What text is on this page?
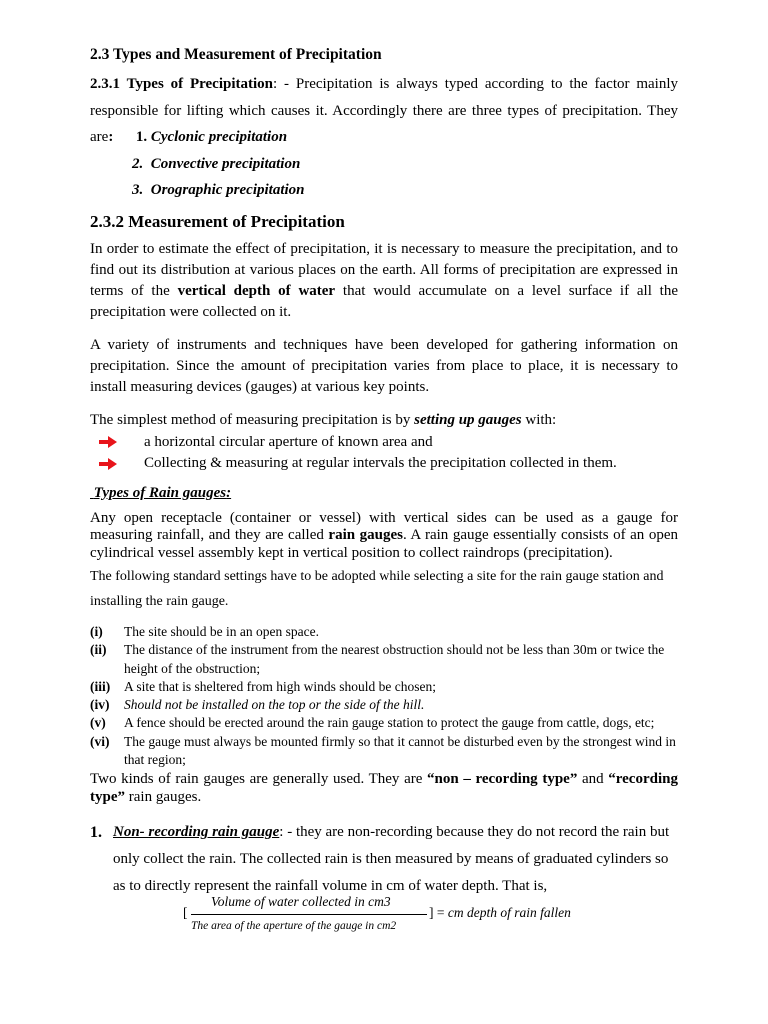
2.3 Types and Measurement of Precipitation

2.3.1 Types of Precipitation: - Precipitation is always typed according to the factor mainly responsible for lifting which causes it. Accordingly there are three types of precipitation. They are: 1. Cyclonic precipitation

2. Convective precipitation
3. Orographic precipitation

2.3.2 Measurement of Precipitation

In order to estimate the effect of precipitation, it is necessary to measure the precipitation, and to find out its distribution at various places on the earth. All forms of precipitation are expressed in terms of the vertical depth of water that would accumulate on a level surface if all the precipitation were collected on it.

A variety of instruments and techniques have been developed for gathering information on precipitation. Since the amount of precipitation varies from place to place, it is necessary to install measuring devices (gauges) at various key points.

The simplest method of measuring precipitation is by setting up gauges with:

a horizontal circular aperture of known area and
Collecting & measuring at regular intervals the precipitation collected in them.

Types of Rain gauges:

Any open receptacle (container or vessel) with vertical sides can be used as a gauge for measuring rainfall, and they are called rain gauges. A rain gauge essentially consists of an open cylindrical vessel assembly kept in vertical position to collect raindrops (precipitation).

The following standard settings have to be adopted while selecting a site for the rain gauge station and installing the rain gauge.

(i)	The site should be in an open space.
(ii)	The distance of the instrument from the nearest obstruction should not be less than 30m or twice the height of the obstruction;
(iii)	A site that is sheltered from high winds should be chosen;
(iv)	Should not be installed on the top or the side of the hill.
(v)	A fence should be erected around the rain gauge station to protect the gauge from cattle, dogs, etc;
(vi)	The gauge must always be mounted firmly so that it cannot be disturbed even by the strongest wind in that region;

Two kinds of rain gauges are generally used. They are “non – recording type” and “recording type” rain gauges.

1. Non- recording rain gauge: - they are non-recording because they do not record the rain but only collect the rain. The collected rain is then measured by means of graduated cylinders so as to directly represent the rainfall volume in cm of water depth. That is,
[
Volume of water collected in cm3
The area of the aperture of the gauge in cm2
] = cm depth of rain fallen
